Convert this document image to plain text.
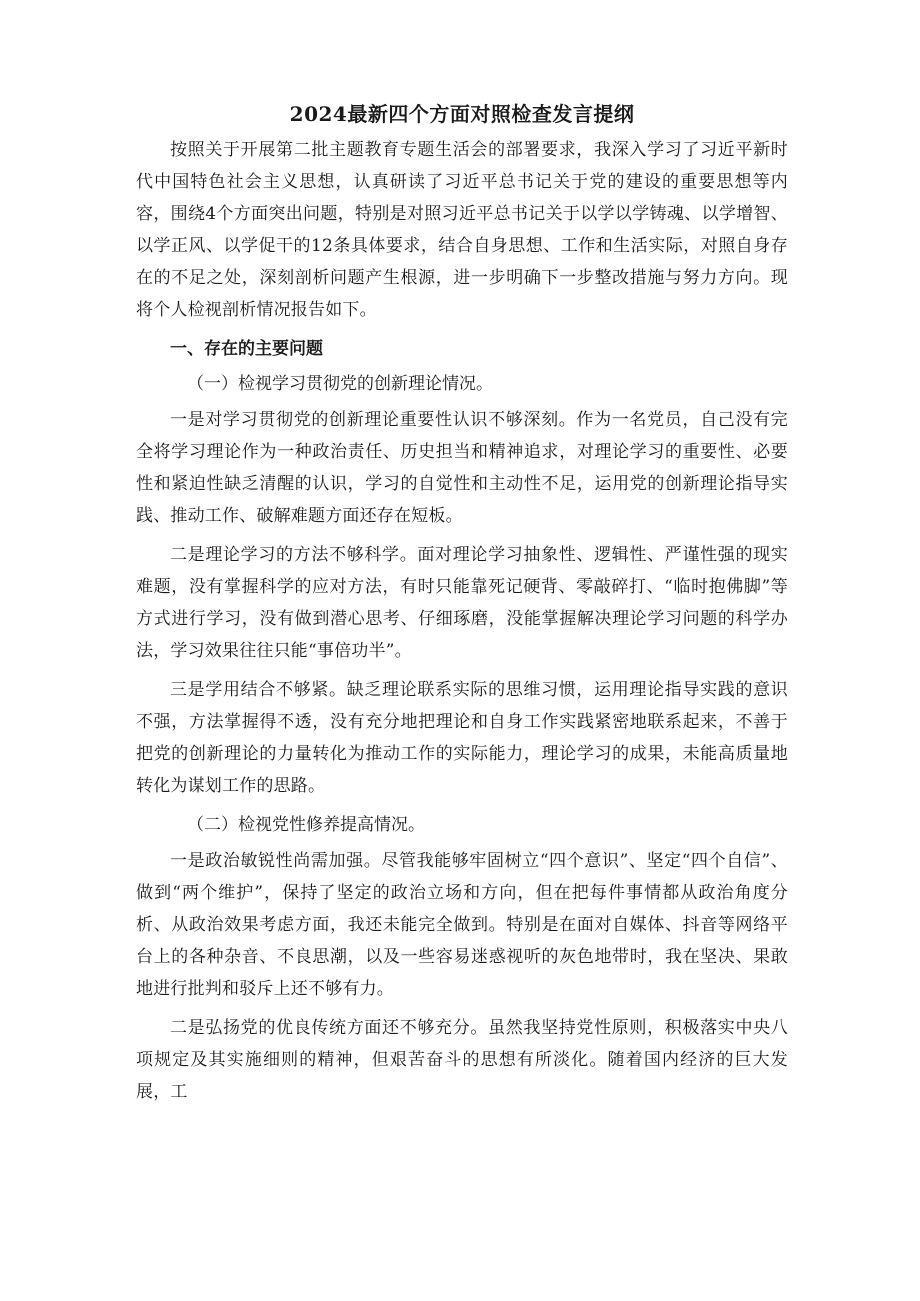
2024最新四个方面对照检查发言提纲

按照关于开展第二批主题教育专题生活会的部署要求，我深入学习了习近平新时代中国特色社会主义思想，认真研读了习近平总书记关于党的建设的重要思想等内容，围绕4个方面突出问题，特别是对照习近平总书记关于以学以学铸魂、以学增智、以学正风、以学促干的12条具体要求，结合自身思想、工作和生活实际，对照自身存在的不足之处，深刻剖析问题产生根源，进一步明确下一步整改措施与努力方向。现将个人检视剖析情况报告如下。

一、存在的主要问题

（一）检视学习贯彻党的创新理论情况。

一是对学习贯彻党的创新理论重要性认识不够深刻。作为一名党员，自己没有完全将学习理论作为一种政治责任、历史担当和精神追求，对理论学习的重要性、必要性和紧迫性缺乏清醒的认识，学习的自觉性和主动性不足，运用党的创新理论指导实践、推动工作、破解难题方面还存在短板。

二是理论学习的方法不够科学。面对理论学习抽象性、逻辑性、严谨性强的现实难题，没有掌握科学的应对方法，有时只能靠死记硬背、零敲碎打、“临时抱佛脚”等方式进行学习，没有做到潜心思考、仔细琢磨，没能掌握解决理论学习问题的科学办法，学习效果往往只能“事倍功半”。

三是学用结合不够紧。缺乏理论联系实际的思维习惯，运用理论指导实践的意识不强，方法掌握得不透，没有充分地把理论和自身工作实践紧密地联系起来，不善于把党的创新理论的力量转化为推动工作的实际能力，理论学习的成果，未能高质量地转化为谋划工作的思路。

（二）检视党性修养提高情况。

一是政治敏锐性尚需加强。尽管我能够牢固树立“四个意识”、坚定“四个自信”、做到“两个维护”，保持了坚定的政治立场和方向，但在把每件事情都从政治角度分析、从政治效果考虑方面，我还未能完全做到。特别是在面对自媒体、抖音等网络平台上的各种杂音、不良思潮，以及一些容易迷惑视听的灰色地带时，我在坚决、果敢地进行批判和驳斥上还不够有力。

二是弘扬党的优良传统方面还不够充分。虽然我坚持党性原则，积极落实中央八项规定及其实施细则的精神，但艰苦奋斗的思想有所淡化。随着国内经济的巨大发展，工
